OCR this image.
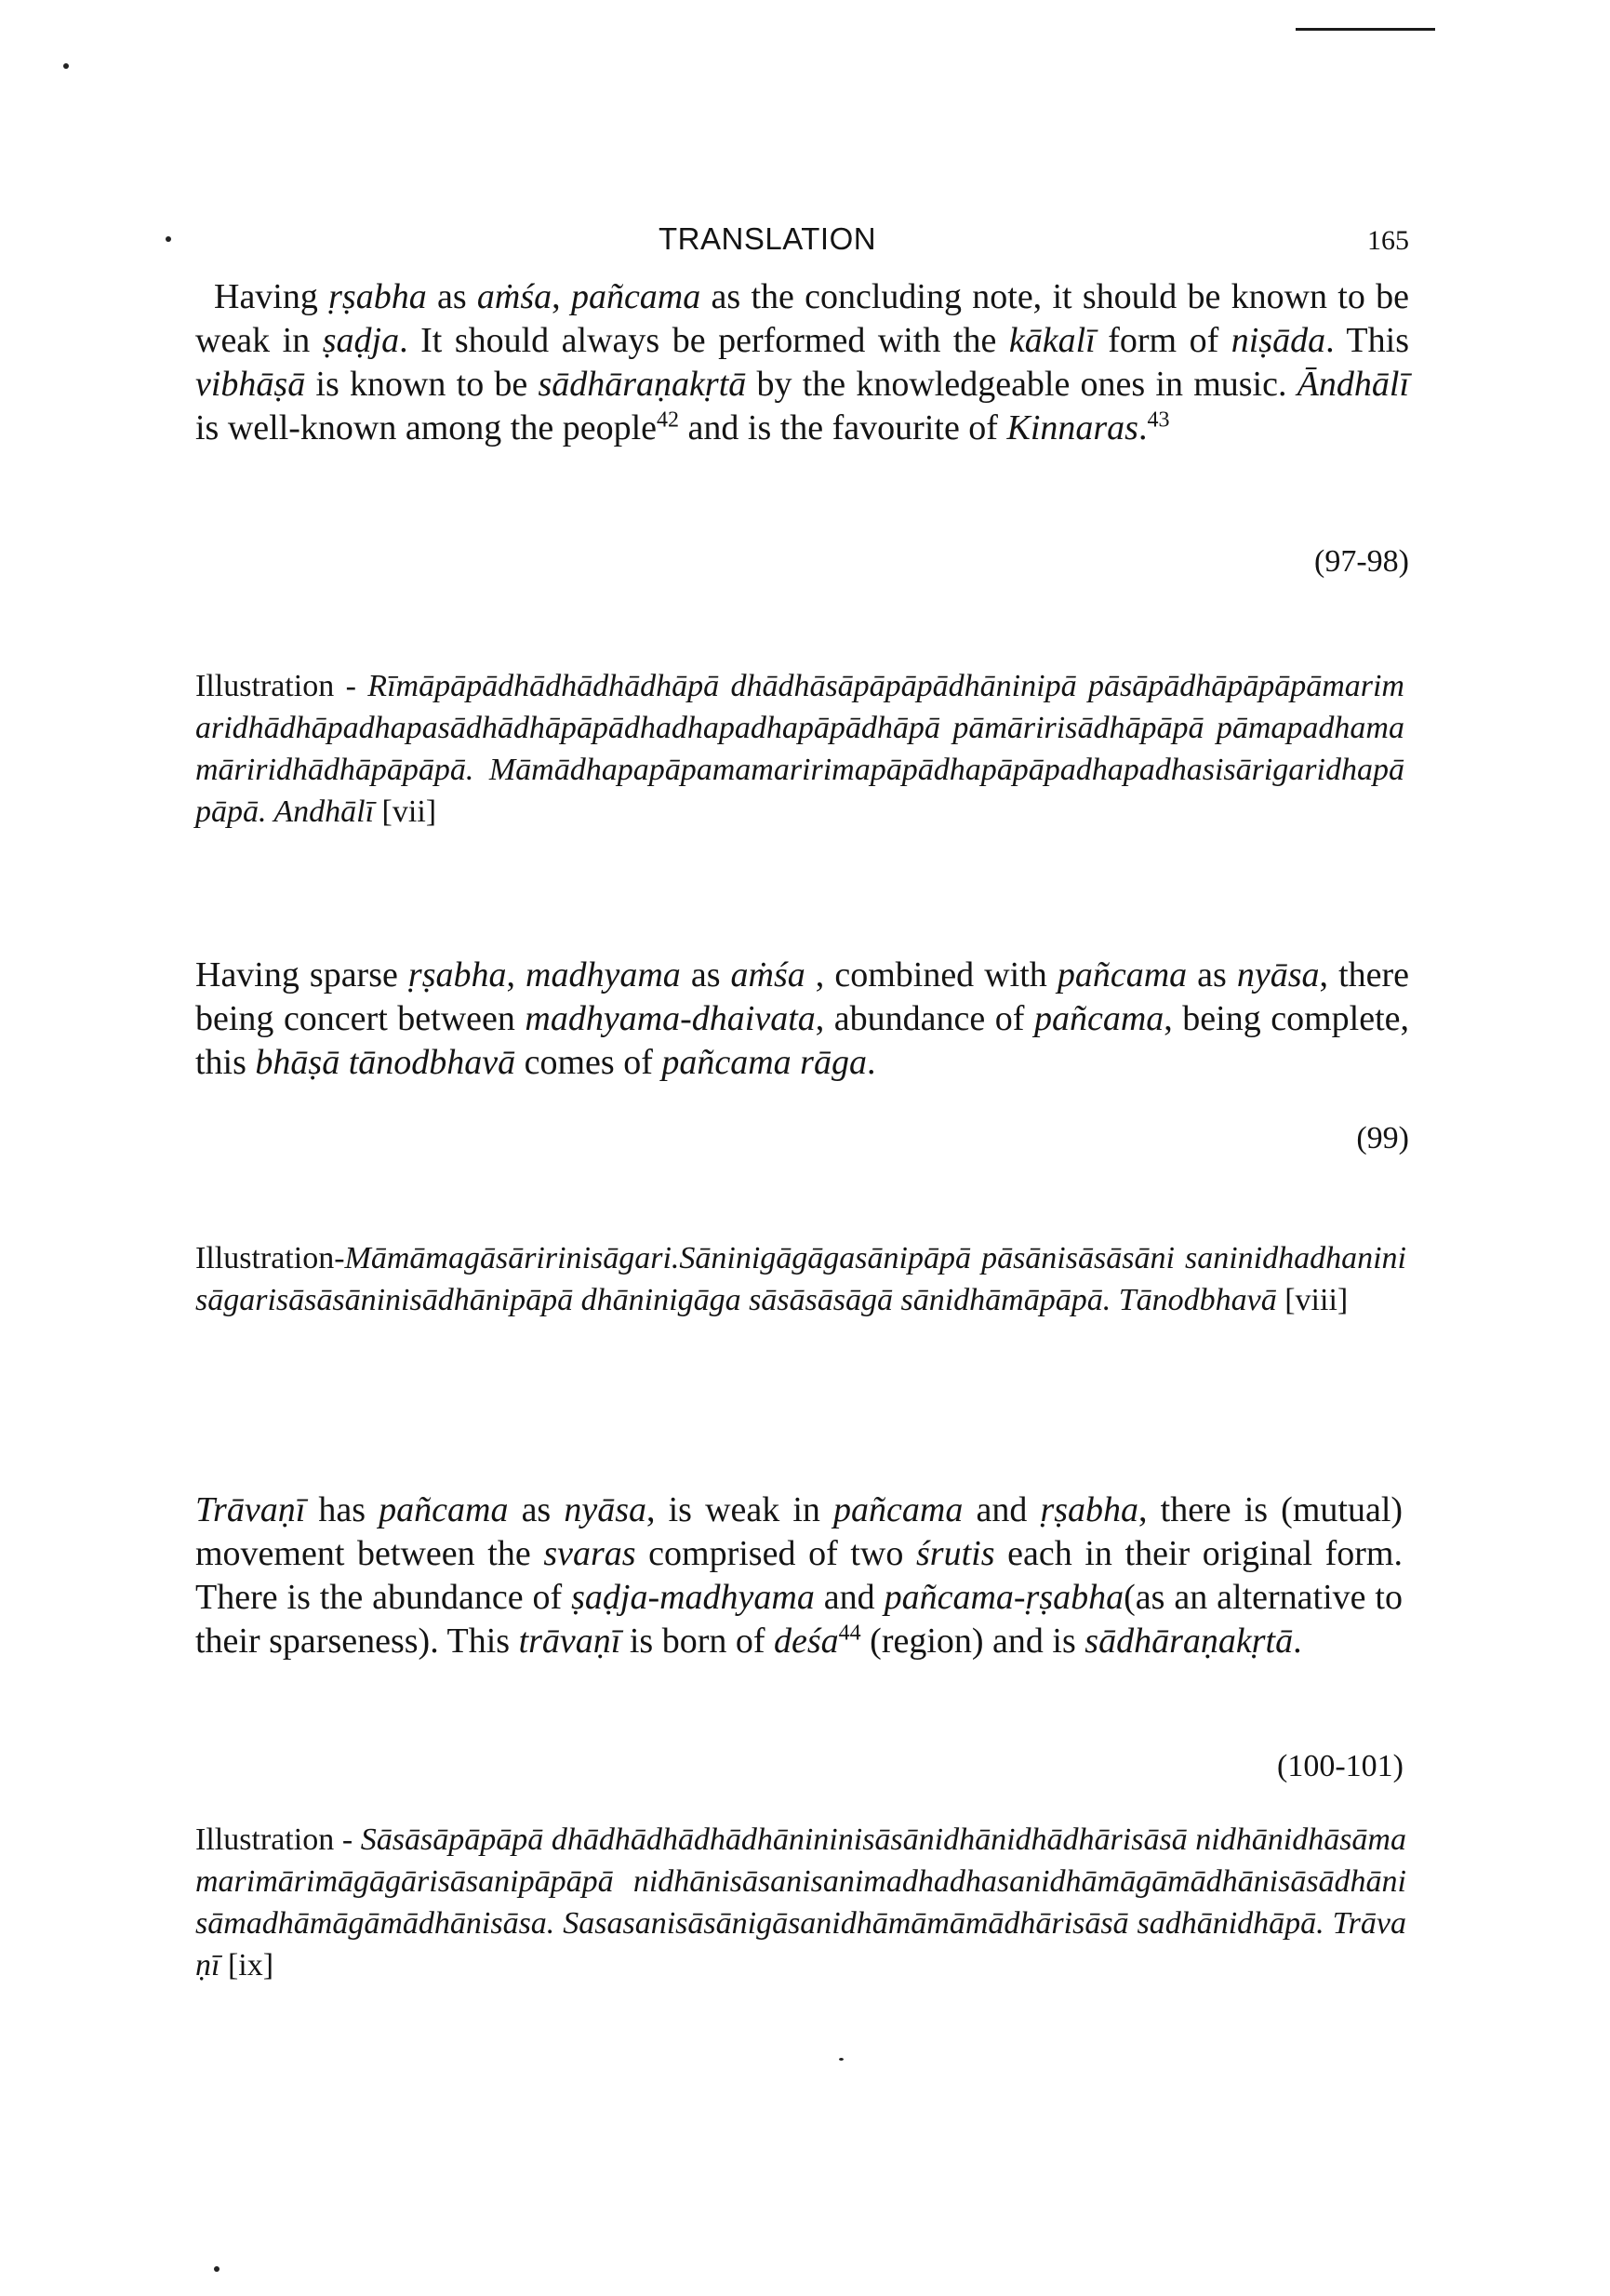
TRANSLATION	165

Having ṛṣabha as aṁśa, pañcama as the concluding note, it should be known to be weak in ṣaḍja. It should always be performed with the kākalī form of niṣāda. This vibhāṣā is known to be sādhāraṇakṛtā by the knowledgeable ones in music. Āndhālī is well-known among the people$^{42}$ and is the favourite of Kinnaras.$^{43}$

(97-98)

Illustration - Rīmāpāpādhādhādhādhāpā dhādhāsāpāpāpādhāninipā pāsāpādhāpāpāpāmarimaridhādhāpadhapasādhādhāpāpādhadhapadhapāpādhāpā pāmāririsādhāpāpā pāmapadhamamāriridhādhāpāpāpā. Māmādhapapāpamamaririmapāpādhapāpāpadhapadhasisārigaridhapāpāpā. Andhālī [vii]

Having sparse ṛṣabha, madhyama as aṁśa , combined with pañcama as nyāsa, there being concert between madhyama-dhaivata, abundance of pañcama, being complete, this bhāṣā tānodbhavā comes of pañcama rāga.

(99)

Illustration-Māmāmagāsāririnisāgari.Sāninigāgāgasānipāpā pāsānisāsāsāni saninidhadhaninisāgarisāsāsāninisādhānipāpā dhāninigāga sāsāsāsāgā sānidhāmāpāpā. Tānodbhavā [viii]

Trāvaṇī has pañcama as nyāsa, is weak in pañcama and ṛṣabha, there is (mutual) movement between the svaras comprised of two śrutis each in their original form. There is the abundance of ṣaḍja-madhyama and pañcama-ṛṣabha(as an alternative to their sparseness). This trāvaṇī is born of deśa$^{44}$ (region) and is sādhāraṇakṛtā.

(100-101)

Illustration - Sāsāsāpāpāpā dhādhādhādhādhānininisāsānidhānidhādhārisāsā nidhānidhāsāmamarimārimāgāgārisāsanipāpāpā nidhānisāsanisanimadhadhasanidhāmāgāmādhānisāsādhānisāmadhāmāgāmādhānisāsa. Sasasanisāsānigāsanidhāmāmāmādhārisāsā sadhānidhāpā. Trāvaṇī [ix]
